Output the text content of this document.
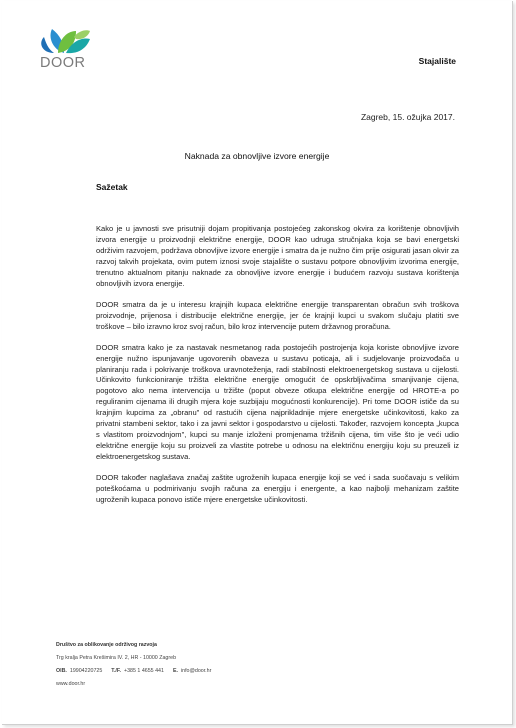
DOOR	Stajalište
Zagreb, 15. ožujka 2017.
Naknada za obnovljive izvore energije
Sažetak

Kako je u javnosti sve prisutniji dojam propitivanja postojećeg zakonskog okvira za korištenje obnovljivih izvora energije u proizvodnji električne energije, DOOR kao udruga stručnjaka koja se bavi energetski održivim razvojem, podržava obnovljive izvore energije i smatra da je nužno čim prije osigurati jasan okvir za razvoj takvih projekata, ovim putem iznosi svoje stajalište o sustavu potpore obnovljivim izvorima energije, trenutno aktualnom pitanju naknade za obnovljive izvore energije i budućem razvoju sustava korištenja obnovljivih izvora energije.

DOOR smatra da je u interesu krajnjih kupaca električne energije transparentan obračun svih troškova proizvodnje, prijenosa i distribucije električne energije, jer će krajnji kupci u svakom slučaju platiti sve troškove – bilo izravno kroz svoj račun, bilo kroz intervencije putem državnog proračuna.

DOOR smatra kako je za nastavak nesmetanog rada postojećih postrojenja koja koriste obnovljive izvore energije nužno ispunjavanje ugovorenih obaveza u sustavu poticaja, ali i sudjelovanje proizvođača u planiranju rada i pokrivanje troškova uravnoteženja, radi stabilnosti elektroenergetskog sustava u cijelosti. Učinkovito funkcioniranje tržišta električne energije omogućit će opskrbljivačima smanjivanje cijena, pogotovo ako nema intervencija u tržište (poput obveze otkupa električne energije od HROTE-a po reguliranim cijenama ili drugih mjera koje suzbijaju mogućnosti konkurencije). Pri tome DOOR ističe da su krajnjim kupcima za „obranu" od rastućih cijena najprikladnije mjere energetske učinkovitosti, kako za privatni stambeni sektor, tako i za javni sektor i gospodarstvo u cijelosti. Također, razvojem koncepta „kupca s vlastitom proizvodnjom", kupci su manje izloženi promjenama tržišnih cijena, tim više što je veći udio električne energije koju su proizveli za vlastite potrebe u odnosu na električnu energiju koju su preuzeli iz elektroenergetskog sustava.

DOOR također naglašava značaj zaštite ugroženih kupaca energije koji se već i sada suočavaju s velikim poteškoćama u podmirivanju svojih računa za energiju i energente, a kao najbolji mehanizam zaštite ugroženih kupaca ponovo ističe mjere energetske učinkovitosti.

Društvo za oblikovanje održivog razvoja
Trg kralja Petra Krešimira IV. 2, HR - 10000 Zagreb
OIB. 19904220725 T./F. +385 1 4655 441 E. info@door.hr
www.door.hr
